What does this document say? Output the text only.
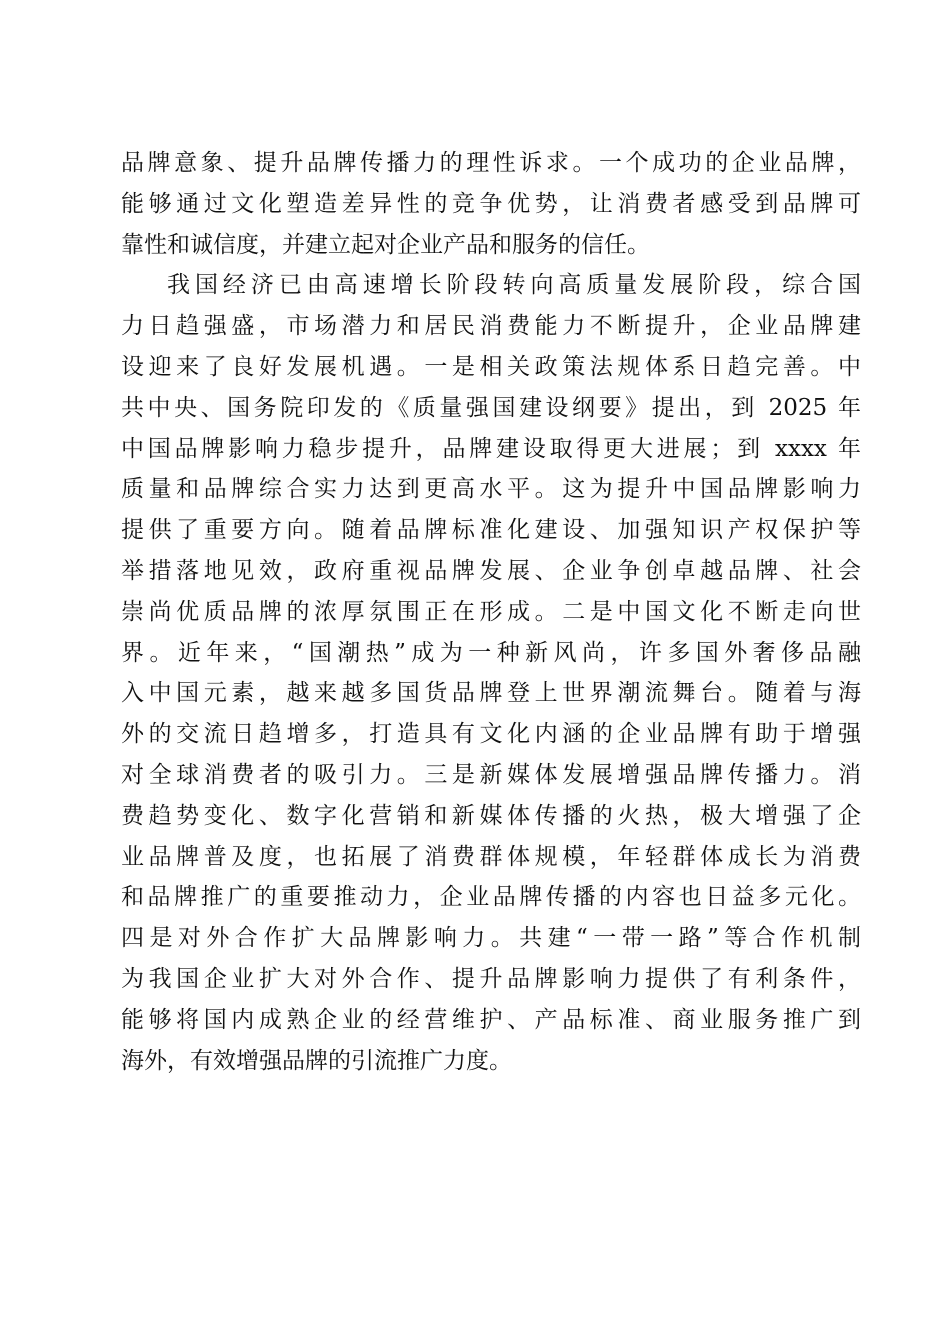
品牌意象、提升品牌传播力的理性诉求。一个成功的企业品牌，
能够通过文化塑造差异性的竞争优势，让消费者感受到品牌可
靠性和诚信度，并建立起对企业产品和服务的信任。
我国经济已由高速增长阶段转向高质量发展阶段，综合国
力日趋强盛，市场潜力和居民消费能力不断提升，企业品牌建
设迎来了良好发展机遇。一是相关政策法规体系日趋完善。中
共中央、国务院印发的《质量强国建设纲要》提出，到 2025 年
中国品牌影响力稳步提升，品牌建设取得更大进展；到 xxxx 年
质量和品牌综合实力达到更高水平。这为提升中国品牌影响力
提供了重要方向。随着品牌标准化建设、加强知识产权保护等
举措落地见效，政府重视品牌发展、企业争创卓越品牌、社会
崇尚优质品牌的浓厚氛围正在形成。二是中国文化不断走向世
界。近年来，“国潮热”成为一种新风尚，许多国外奢侈品融
入中国元素，越来越多国货品牌登上世界潮流舞台。随着与海
外的交流日趋增多，打造具有文化内涵的企业品牌有助于增强
对全球消费者的吸引力。三是新媒体发展增强品牌传播力。消
费趋势变化、数字化营销和新媒体传播的火热，极大增强了企
业品牌普及度，也拓展了消费群体规模，年轻群体成长为消费
和品牌推广的重要推动力，企业品牌传播的内容也日益多元化。
四是对外合作扩大品牌影响力。共建“一带一路”等合作机制
为我国企业扩大对外合作、提升品牌影响力提供了有利条件，
能够将国内成熟企业的经营维护、产品标准、商业服务推广到
海外，有效增强品牌的引流推广力度。
